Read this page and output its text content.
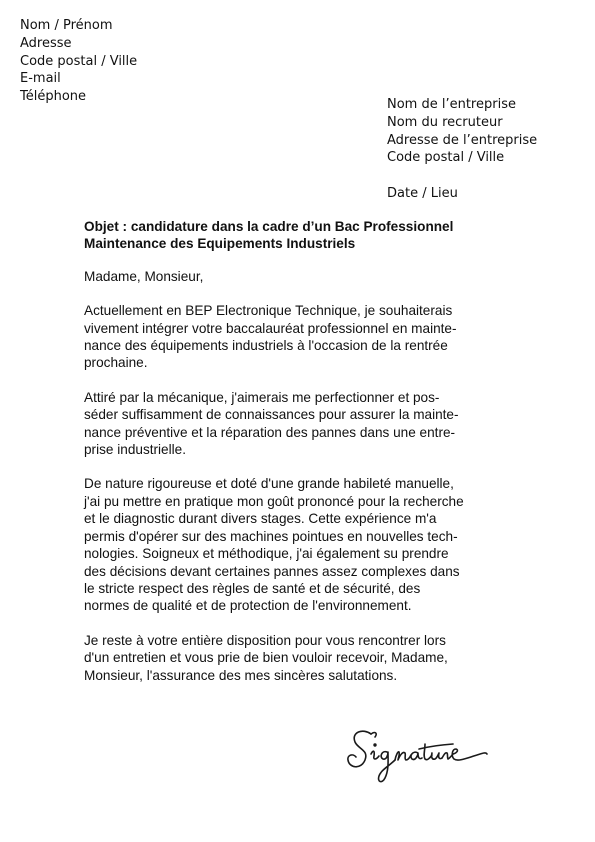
Nom / Prénom
Adresse
Code postal / Ville
E-mail
Téléphone
Nom de l’entreprise
Nom du recruteur
Adresse de l’entreprise
Code postal / Ville
Date / Lieu
Objet : candidature dans la cadre d’un Bac Professionnel
Maintenance des Equipements Industriels
Madame, Monsieur,
Actuellement en BEP Electronique Technique, je souhaiterais
vivement intégrer votre baccalauréat professionnel en mainte-
nance des équipements industriels à l'occasion de la rentrée
prochaine.
Attiré par la mécanique, j'aimerais me perfectionner et pos-
séder suffisamment de connaissances pour assurer la mainte-
nance préventive et la réparation des pannes dans une entre-
prise industrielle.
De nature rigoureuse et doté d'une grande habileté manuelle,
j'ai pu mettre en pratique mon goût prononcé pour la recherche
et le diagnostic durant divers stages. Cette expérience m'a
permis d'opérer sur des machines pointues en nouvelles tech-
nologies. Soigneux et méthodique, j'ai également su prendre
des décisions devant certaines pannes assez complexes dans
le stricte respect des règles de santé et de sécurité, des
normes de qualité et de protection de l'environnement.
Je reste à votre entière disposition pour vous rencontrer lors
d'un entretien et vous prie de bien vouloir recevoir, Madame,
Monsieur, l'assurance des mes sincères salutations.
